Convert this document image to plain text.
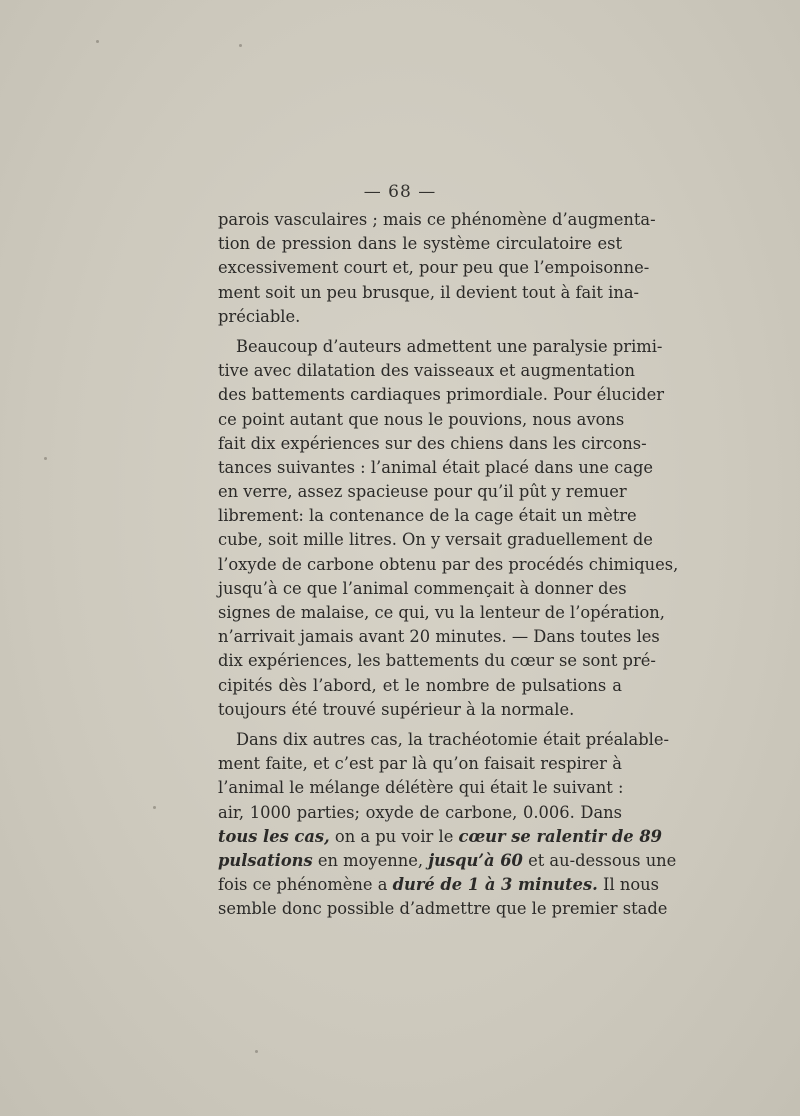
— 68 —
parois vasculaires ; mais ce phénomène d’augmenta-
tion de pression dans le système circulatoire est
excessivement court et, pour peu que l’empoisonne-
ment soit un peu brusque, il devient tout à fait ina-
préciable.
Beaucoup d’auteurs admettent une paralysie primi-
tive avec dilatation des vaisseaux et augmentation
des battements cardiaques primordiale. Pour élucider
ce point autant que nous le pouvions, nous avons
fait dix expériences sur des chiens dans les circons-
tances suivantes : l’animal était placé dans une cage
en verre, assez spacieuse pour qu’il pût y remuer
librement: la contenance de la cage était un mètre
cube, soit mille litres. On y versait graduellement de
l’oxyde de carbone obtenu par des procédés chimiques,
jusqu’à ce que l’animal commençait à donner des
signes de malaise, ce qui, vu la lenteur de l’opération,
n’arrivait jamais avant 20 minutes. — Dans toutes les
dix expériences, les battements du cœur se sont pré-
cipités dès l’abord, et le nombre de pulsations a
toujours été trouvé supérieur à la normale.
Dans dix autres cas, la trachéotomie était préalable-
ment faite, et c’est par là qu’on faisait respirer à
l’animal le mélange délétère qui était le suivant :
air, 1000 parties; oxyde de carbone, 0.006. Dans
tous les cas, on a pu voir le cœur se ralentir de 89
pulsations en moyenne, jusqu’à 60 et au-dessous une
fois ce phénomène a duré de 1 à 3 minutes. Il nous
semble donc possible d’admettre que le premier stade
